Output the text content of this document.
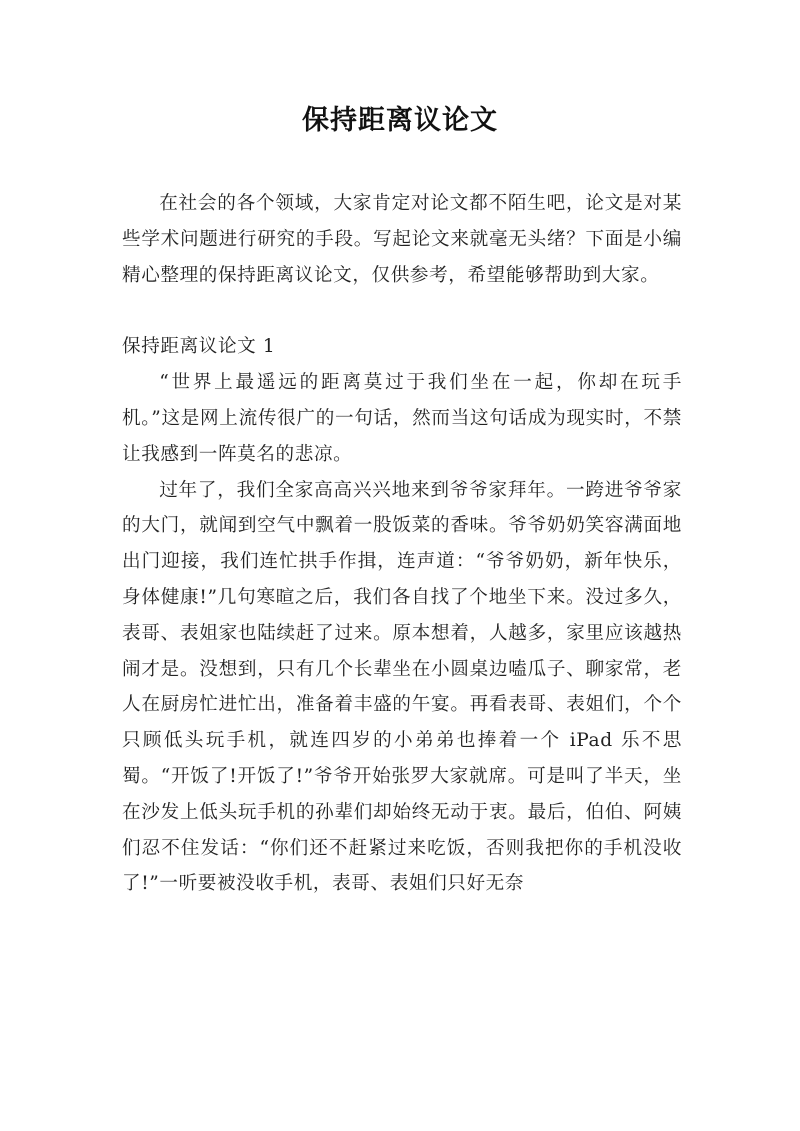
保持距离议论文

在社会的各个领域，大家肯定对论文都不陌生吧，论文是对某些学术问题进行研究的手段。写起论文来就毫无头绪？下面是小编精心整理的保持距离议论文，仅供参考，希望能够帮助到大家。

保持距离议论文 1

“世界上最遥远的距离莫过于我们坐在一起，你却在玩手机。”这是网上流传很广的一句话，然而当这句话成为现实时，不禁让我感到一阵莫名的悲凉。

过年了，我们全家高高兴兴地来到爷爷家拜年。一跨进爷爷家的大门，就闻到空气中飘着一股饭菜的香味。爷爷奶奶笑容满面地出门迎接，我们连忙拱手作揖，连声道：“爷爷奶奶，新年快乐，身体健康!”几句寒暄之后，我们各自找了个地坐下来。没过多久，表哥、表姐家也陆续赶了过来。原本想着，人越多，家里应该越热闹才是。没想到，只有几个长辈坐在小圆桌边嗑瓜子、聊家常，老人在厨房忙进忙出，准备着丰盛的午宴。再看表哥、表姐们，个个只顾低头玩手机，就连四岁的小弟弟也捧着一个 iPad 乐不思蜀。“开饭了!开饭了!”爷爷开始张罗大家就席。可是叫了半天，坐在沙发上低头玩手机的孙辈们却始终无动于衷。最后，伯伯、阿姨们忍不住发话：“你们还不赶紧过来吃饭，否则我把你的手机没收了!”一听要被没收手机，表哥、表姐们只好无奈
